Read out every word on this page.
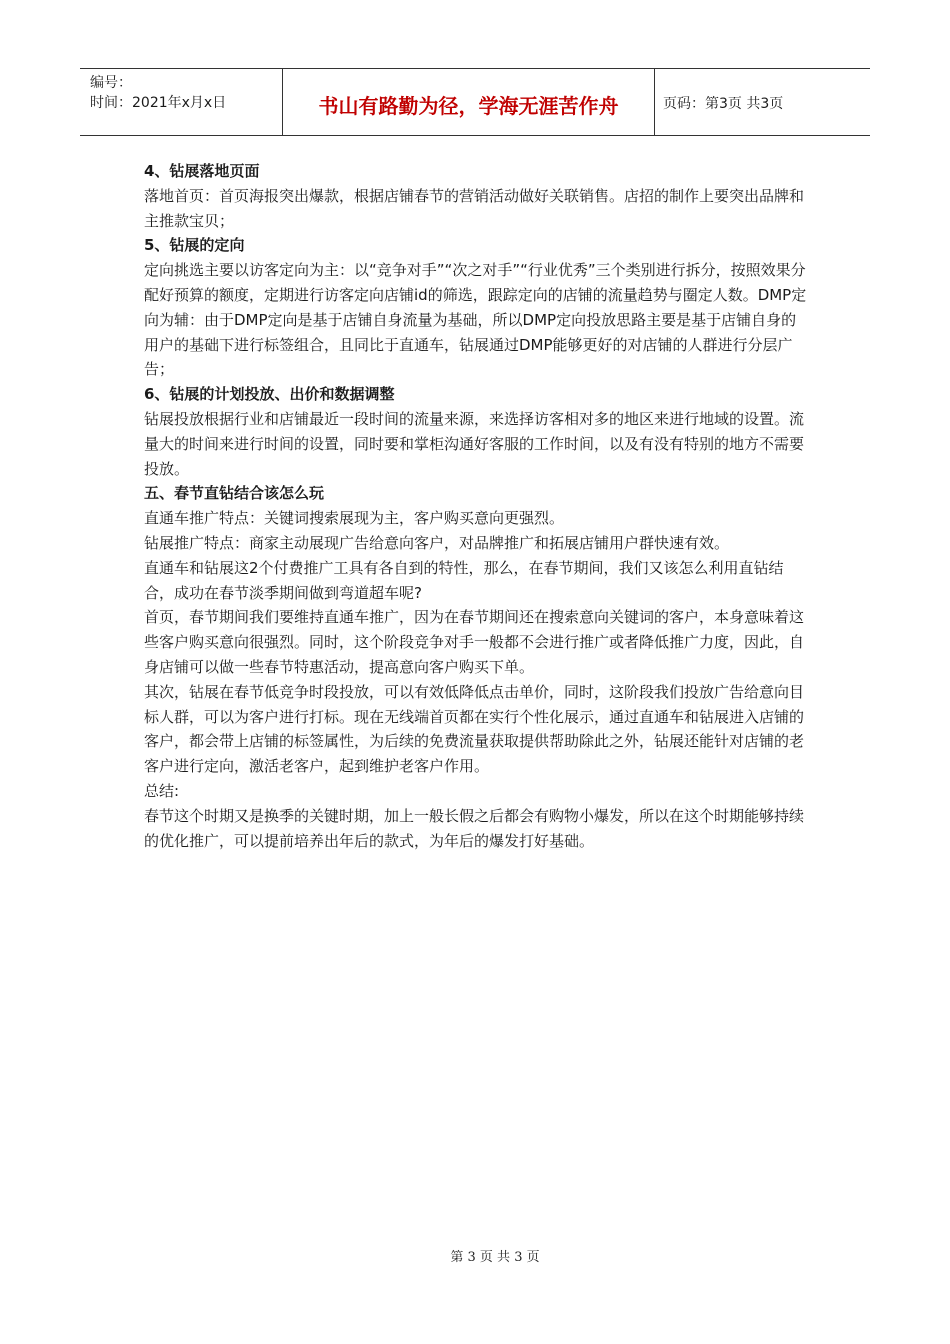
编号：
时间：2021年x月x日	书山有路勤为径，学海无涯苦作舟	页码：第3页 共3页

4、钻展落地页面

落地首页：首页海报突出爆款，根据店铺春节的营销活动做好关联销售。店招的制作上要突出品牌和主推款宝贝；

5、钻展的定向

定向挑选主要以访客定向为主：以“竞争对手”“次之对手”“行业优秀”三个类别进行拆分，按照效果分配好预算的额度，定期进行访客定向店铺id的筛选，跟踪定向的店铺的流量趋势与圈定人数。DMP定向为辅：由于DMP定向是基于店铺自身流量为基础，所以DMP定向投放思路主要是基于店铺自身的用户的基础下进行标签组合，且同比于直通车，钻展通过DMP能够更好的对店铺的人群进行分层广告；

6、钻展的计划投放、出价和数据调整

钻展投放根据行业和店铺最近一段时间的流量来源，来选择访客相对多的地区来进行地域的设置。流量大的时间来进行时间的设置，同时要和掌柜沟通好客服的工作时间，以及有没有特别的地方不需要投放。

五、春节直钻结合该怎么玩

直通车推广特点：关键词搜索展现为主，客户购买意向更强烈。

钻展推广特点：商家主动展现广告给意向客户，对品牌推广和拓展店铺用户群快速有效。

直通车和钻展这2个付费推广工具有各自到的特性，那么，在春节期间，我们又该怎么利用直钻结合，成功在春节淡季期间做到弯道超车呢?

首页，春节期间我们要维持直通车推广，因为在春节期间还在搜索意向关键词的客户，本身意味着这些客户购买意向很强烈。同时，这个阶段竞争对手一般都不会进行推广或者降低推广力度，因此，自身店铺可以做一些春节特惠活动，提高意向客户购买下单。

其次，钻展在春节低竞争时段投放，可以有效低降低点击单价，同时，这阶段我们投放广告给意向目标人群，可以为客户进行打标。现在无线端首页都在实行个性化展示，通过直通车和钻展进入店铺的客户，都会带上店铺的标签属性，为后续的免费流量获取提供帮助除此之外，钻展还能针对店铺的老客户进行定向，激活老客户，起到维护老客户作用。

总结:

春节这个时期又是换季的关键时期，加上一般长假之后都会有购物小爆发，所以在这个时期能够持续的优化推广，可以提前培养出年后的款式，为年后的爆发打好基础。

第 3 页 共 3 页
